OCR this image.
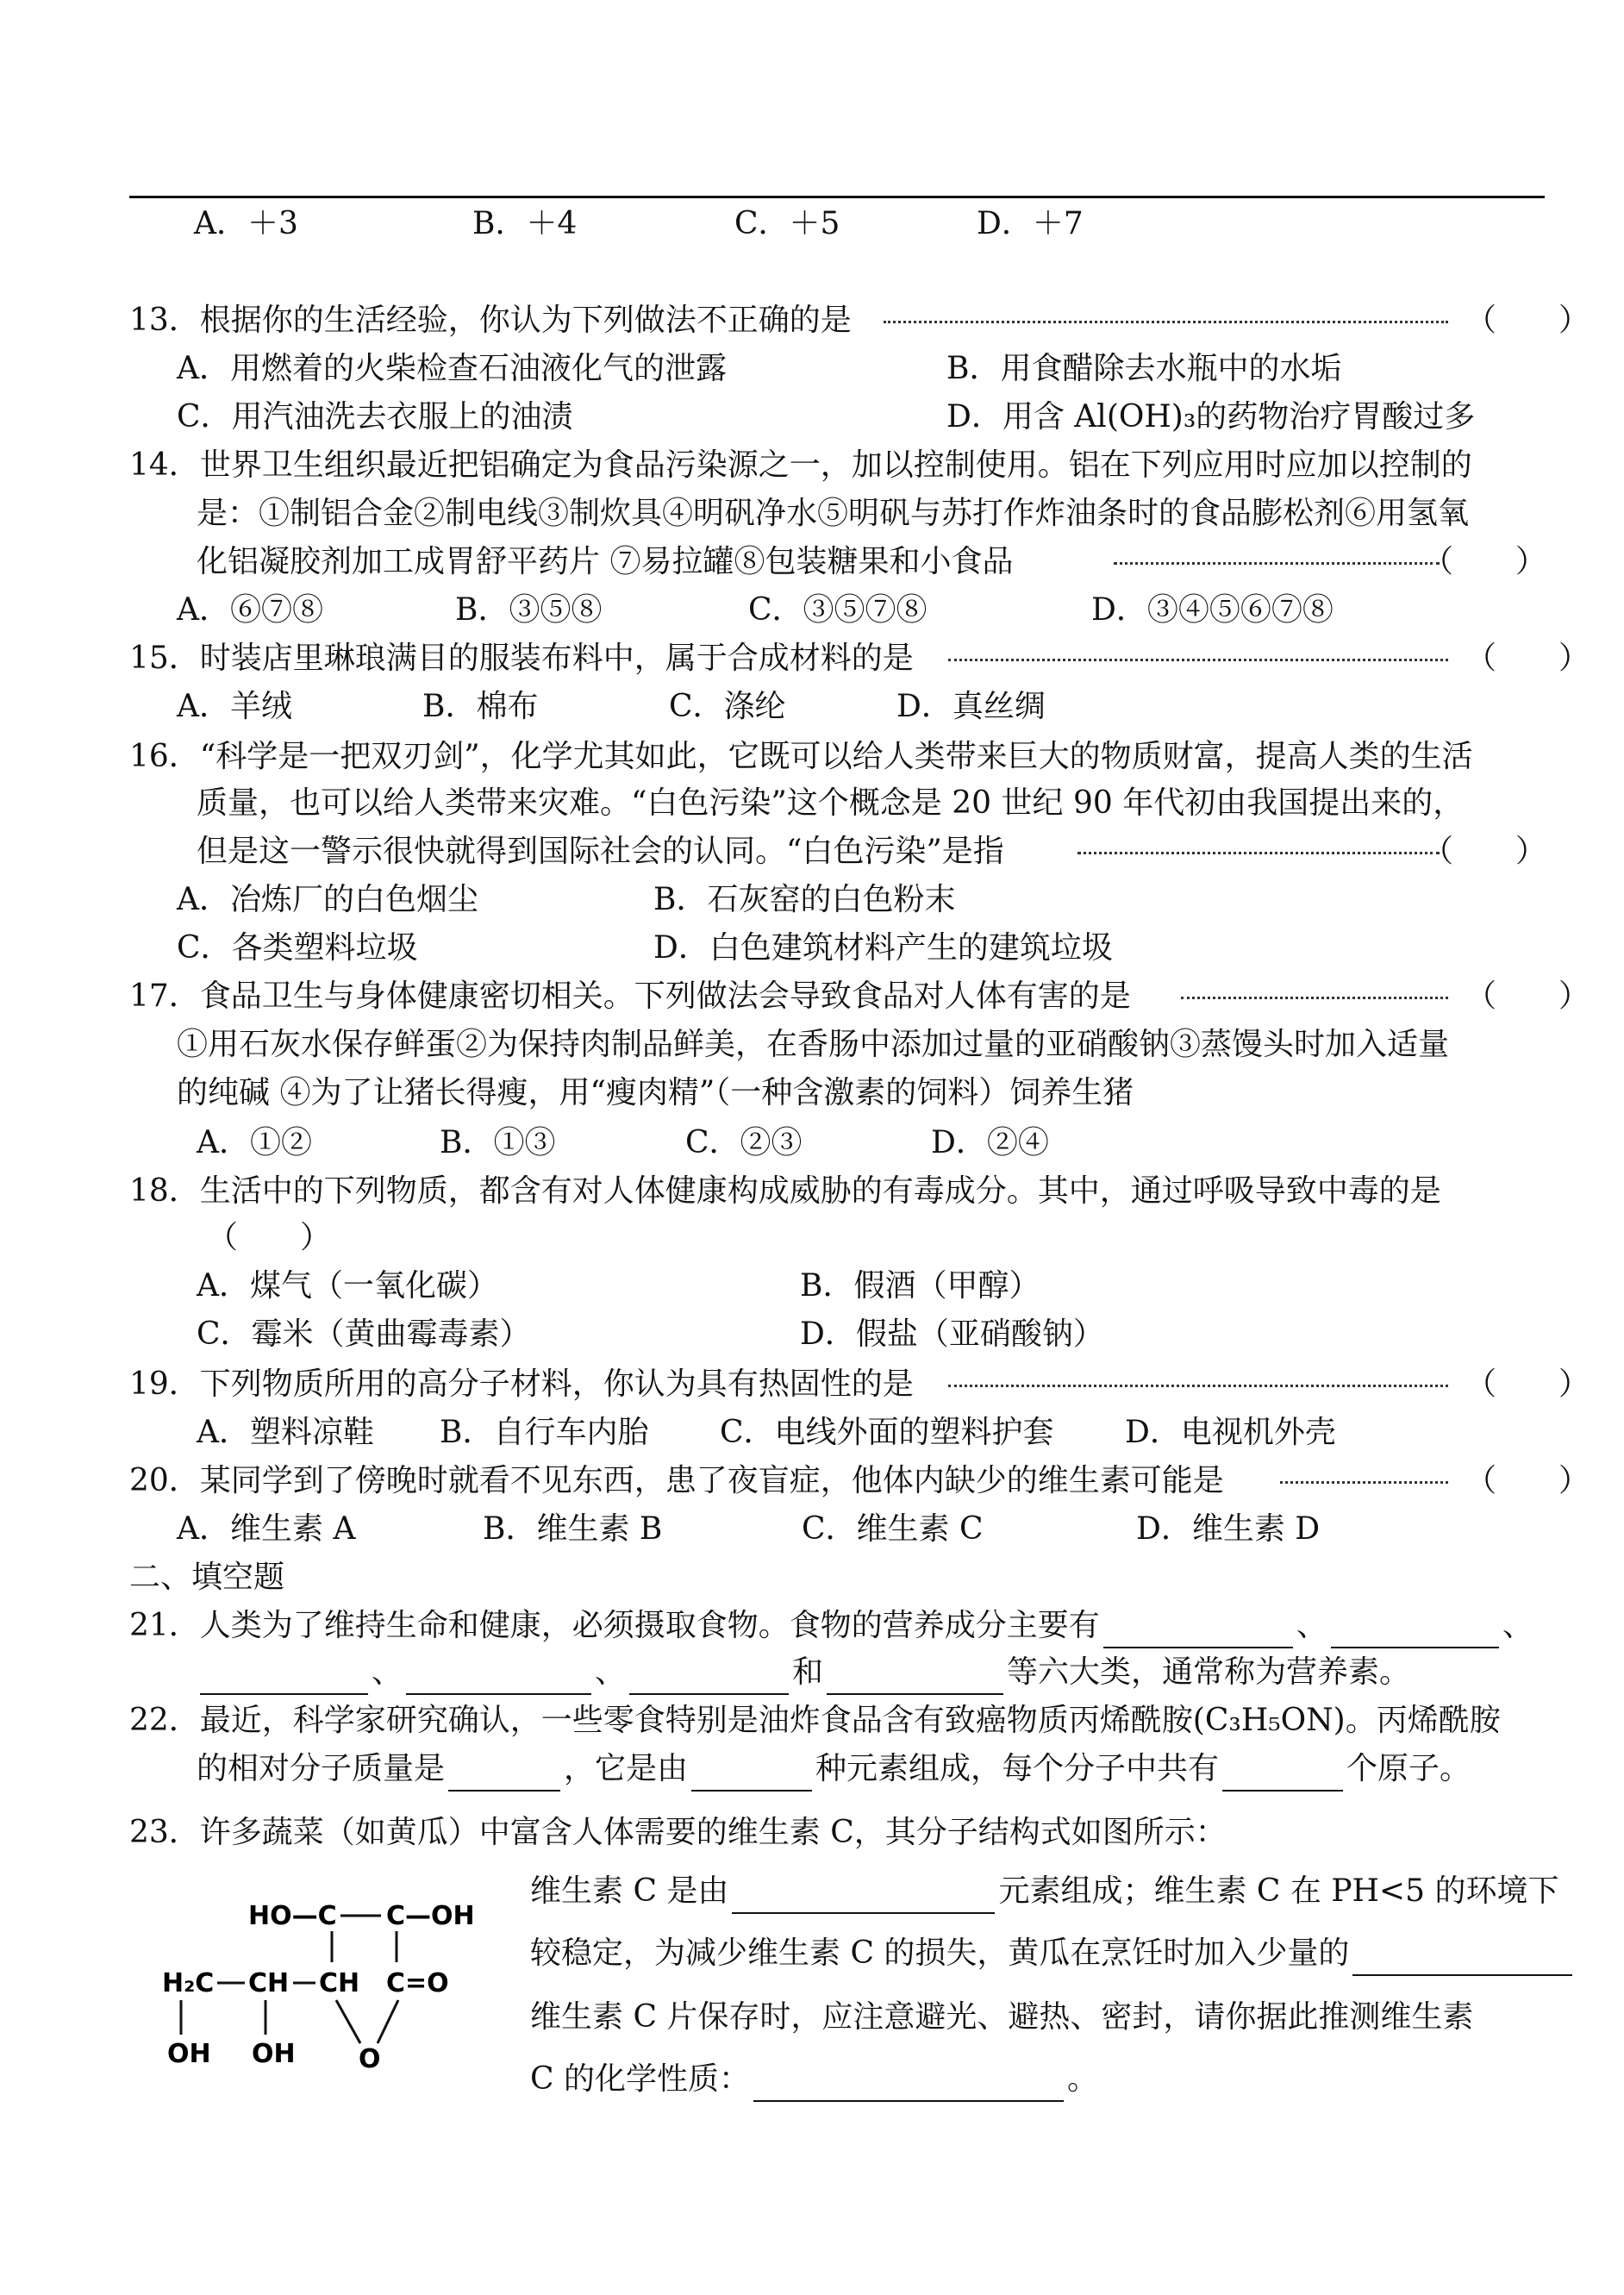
A．＋3	B．＋4	C．＋5	D．＋7
13．根据你的生活经验，你认为下列做法不正确的是	（　　）
A．用燃着的火柴检查石油液化气的泄露	B．用食醋除去水瓶中的水垢
C．用汽油洗去衣服上的油渍	D．用含 Al(OH)₃的药物治疗胃酸过多
14．世界卫生组织最近把铝确定为食品污染源之一，加以控制使用。铝在下列应用时应加以控制的
是：①制铝合金②制电线③制炊具④明矾净水⑤明矾与苏打作炸油条时的食品膨松剂⑥用氢氧
化铝凝胶剂加工成胃舒平药片 ⑦易拉罐⑧包装糖果和小食品	（　　）
A．⑥⑦⑧	B．③⑤⑧	C．③⑤⑦⑧	D．③④⑤⑥⑦⑧
15．时装店里琳琅满目的服装布料中，属于合成材料的是	（　　）
A．羊绒	B．棉布	C．涤纶	D．真丝绸
16．“科学是一把双刃剑”，化学尤其如此，它既可以给人类带来巨大的物质财富，提高人类的生活
质量，也可以给人类带来灾难。“白色污染”这个概念是 20 世纪 90 年代初由我国提出来的，
但是这一警示很快就得到国际社会的认同。“白色污染”是指	（　　）
A．冶炼厂的白色烟尘	B．石灰窑的白色粉末
C．各类塑料垃圾	D．白色建筑材料产生的建筑垃圾
17．食品卫生与身体健康密切相关。下列做法会导致食品对人体有害的是	（　　）
①用石灰水保存鲜蛋②为保持肉制品鲜美，在香肠中添加过量的亚硝酸钠③蒸馒头时加入适量
的纯碱 ④为了让猪长得瘦，用“瘦肉精”（一种含激素的饲料）饲养生猪
A．①②	B．①③	C．②③	D．②④
18．生活中的下列物质，都含有对人体健康构成威胁的有毒成分。其中，通过呼吸导致中毒的是
（　　）
A．煤气（一氧化碳）	B．假酒（甲醇）
C．霉米（黄曲霉毒素）	D．假盐（亚硝酸钠）
19．下列物质所用的高分子材料，你认为具有热固性的是	（　　）
A．塑料凉鞋 B．自行车内胎 C．电线外面的塑料护套 D．电视机外壳
20．某同学到了傍晚时就看不见东西，患了夜盲症，他体内缺少的维生素可能是	（　　）
A．维生素 A	B．维生素 B	C．维生素 C	D．维生素 D
二、填空题
21．人类为了维持生命和健康，必须摄取食物。食物的营养成分主要有	、	、
、	、	和	等六大类，通常称为营养素。
22．最近，科学家研究确认，一些零食特别是油炸食品含有致癌物质丙烯酰胺(C₃H₅ON)。丙烯酰胺
的相对分子质量是	，它是由	种元素组成，每个分子中共有	个原子。
23．许多蔬菜（如黄瓜）中富含人体需要的维生素 C，其分子结构式如图所示：
HO—C C—OH
H₂C CH CH C=O
O
OH OH
维生素 C 是由	元素组成；维生素 C 在 PH<5 的环境下
较稳定，为减少维生素 C 的损失，黄瓜在烹饪时加入少量的
维生素 C 片保存时，应注意避光、避热、密封，请你据此推测维生素
C 的化学性质：	。
